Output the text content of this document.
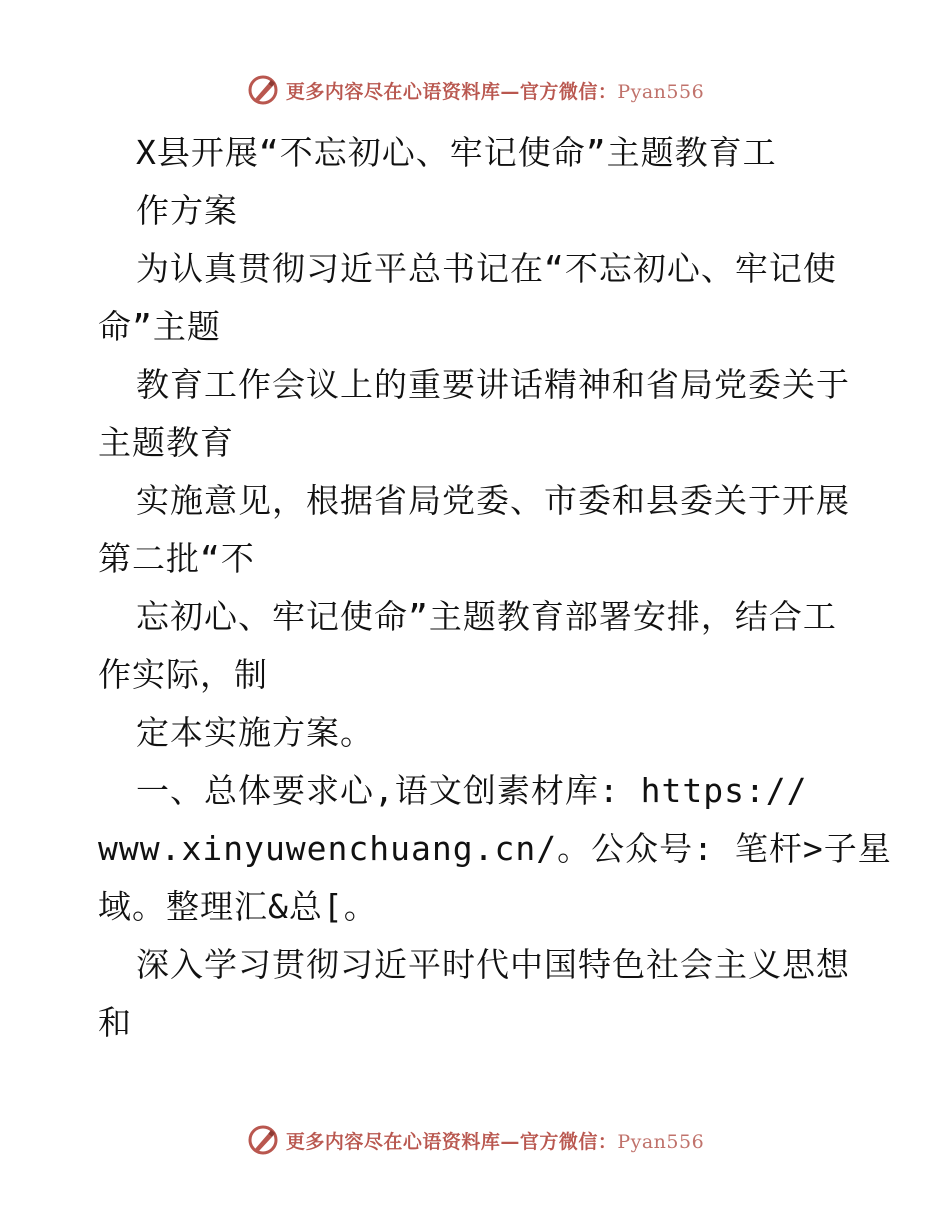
更多内容尽在心语资料库—官方微信：Pyan556
X县开展“不忘初心、牢记使命”主题教育工
作方案
为认真贯彻习近平总书记在“不忘初心、牢记使
命”主题
教育工作会议上的重要讲话精神和省局党委关于
主题教育
实施意见，根据省局党委、市委和县委关于开展
第二批“不
忘初心、牢记使命”主题教育部署安排，结合工
作实际，制
定本实施方案。
一、总体要求心,语文创素材库: https://
www.xinyuwenchuang.cn/。公众号: 笔杆>子星
域。整理汇&总[。
深入学习贯彻习近平时代中国特色社会主义思想
和
更多内容尽在心语资料库—官方微信：Pyan556
